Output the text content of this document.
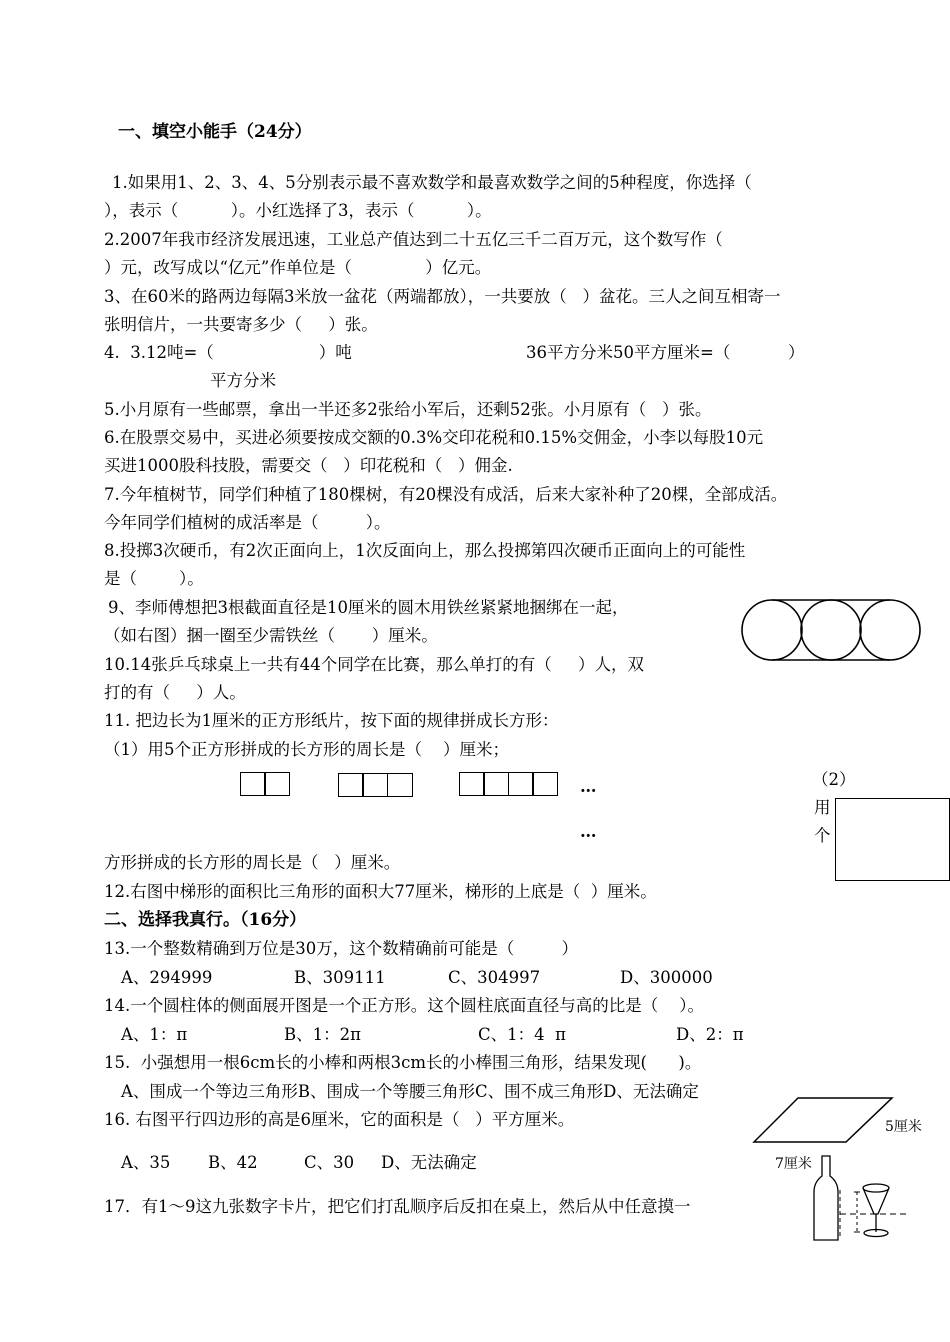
一、填空小能手（24分）
1.如果用1、2、3、4、5分别表示最不喜欢数学和最喜欢数学之间的5种程度，你选择（
），表示（          ）。小红选择了3，表示（          ）。
2.2007年我市经济发展迅速，工业总产值达到二十五亿三千二百万元，这个数写作（
）元，改写成以“亿元”作单位是（              ）亿元。
3、在60米的路两边每隔3米放一盆花（两端都放），一共要放（   ）盆花。三人之间互相寄一
张明信片，一共要寄多少（     ）张。
4.  3.12吨=（                    ）吨	36平方分米50平方厘米=（           ）
平方分米
5.小月原有一些邮票，拿出一半还多2张给小军后，还剩52张。小月原有（   ）张。
6.在股票交易中，买进必须要按成交额的0.3%交印花税和0.15%交佣金，小李以每股10元
买进1000股科技股，需要交（   ）印花税和（   ）佣金.
7.今年植树节，同学们种植了180棵树，有20棵没有成活，后来大家补种了20棵，全部成活。
今年同学们植树的成活率是（         ）。
8.投掷3次硬币，有2次正面向上，1次反面向上，那么投掷第四次硬币正面向上的可能性
是（        ）。
9、李师傅想把3根截面直径是10厘米的圆木用铁丝紧紧地捆绑在一起，
（如右图）捆一圈至少需铁丝（       ）厘米。
10.14张乒乓球桌上一共有44个同学在比赛，那么单打的有（     ）人，双
打的有（     ）人。
11. 把边长为1厘米的正方形纸片，按下面的规律拼成长方形：
（1）用5个正方形拼成的长方形的周长是（    ）厘米；
…
…
（2）
用
个
方形拼成的长方形的周长是（   ）厘米。
12.右图中梯形的面积比三角形的面积大77厘米，梯形的上底是（  ）厘米。
二、选择我真行。（16分）
13.一个整数精确到万位是30万，这个数精确前可能是（         ）
A、294999	B、309111	C、304997	D、300000
14.一个圆柱体的侧面展开图是一个正方形。这个圆柱底面直径与高的比是（    ）。
A、1：π	B、1：2π	C、1：4  π	D、2：π
15.  小强想用一根6cm长的小棒和两根3cm长的小棒围三角形，结果发现(      )。
A、围成一个等边三角形B、围成一个等腰三角形C、围不成三角形D、无法确定
16. 右图平行四边形的高是6厘米，它的面积是（   ）平方厘米。	5厘米
7厘米
A、35 B、42	C、30 D、无法确定
17．有1～9这九张数字卡片，把它们打乱顺序后反扣在桌上，然后从中任意摸一
